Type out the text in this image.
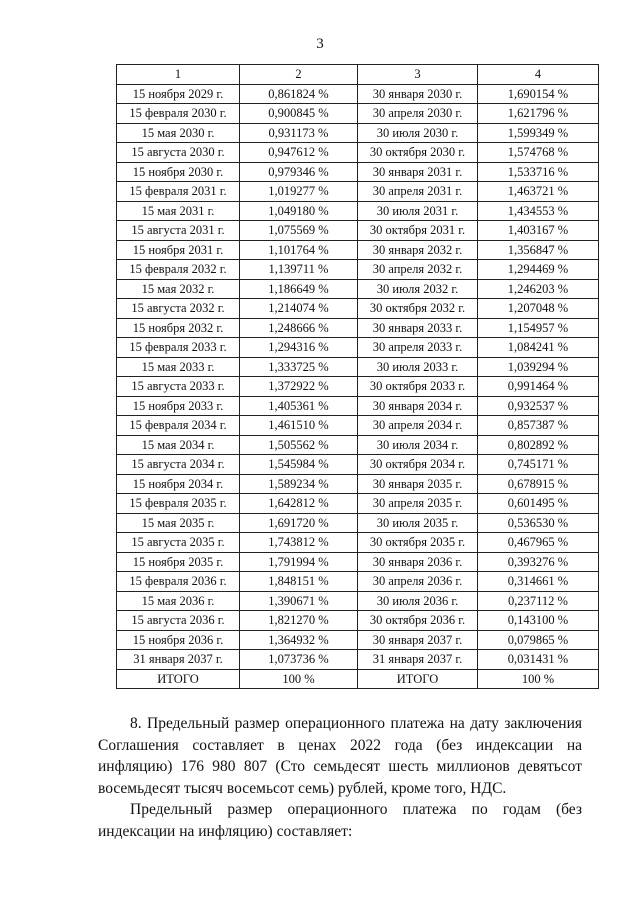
3
1	2	3	4
15 ноября 2029 г.	0,861824 %	30 января 2030 г.	1,690154 %
15 февраля 2030 г.	0,900845 %	30 апреля 2030 г.	1,621796 %
15 мая 2030 г.	0,931173 %	30 июля 2030 г.	1,599349 %
15 августа 2030 г.	0,947612 %	30 октября 2030 г.	1,574768 %
15 ноября 2030 г.	0,979346 %	30 января 2031 г.	1,533716 %
15 февраля 2031 г.	1,019277 %	30 апреля 2031 г.	1,463721 %
15 мая 2031 г.	1,049180 %	30 июля 2031 г.	1,434553 %
15 августа 2031 г.	1,075569 %	30 октября 2031 г.	1,403167 %
15 ноября 2031 г.	1,101764 %	30 января 2032 г.	1,356847 %
15 февраля 2032 г.	1,139711 %	30 апреля 2032 г.	1,294469 %
15 мая 2032 г.	1,186649 %	30 июля 2032 г.	1,246203 %
15 августа 2032 г.	1,214074 %	30 октября 2032 г.	1,207048 %
15 ноября 2032 г.	1,248666 %	30 января 2033 г.	1,154957 %
15 февраля 2033 г.	1,294316 %	30 апреля 2033 г.	1,084241 %
15 мая 2033 г.	1,333725 %	30 июля 2033 г.	1,039294 %
15 августа 2033 г.	1,372922 %	30 октября 2033 г.	0,991464 %
15 ноября 2033 г.	1,405361 %	30 января 2034 г.	0,932537 %
15 февраля 2034 г.	1,461510 %	30 апреля 2034 г.	0,857387 %
15 мая 2034 г.	1,505562 %	30 июля 2034 г.	0,802892 %
15 августа 2034 г.	1,545984 %	30 октября 2034 г.	0,745171 %
15 ноября 2034 г.	1,589234 %	30 января 2035 г.	0,678915 %
15 февраля 2035 г.	1,642812 %	30 апреля 2035 г.	0,601495 %
15 мая 2035 г.	1,691720 %	30 июля 2035 г.	0,536530 %
15 августа 2035 г.	1,743812 %	30 октября 2035 г.	0,467965 %
15 ноября 2035 г.	1,791994 %	30 января 2036 г.	0,393276 %
15 февраля 2036 г.	1,848151 %	30 апреля 2036 г.	0,314661 %
15 мая 2036 г.	1,390671 %	30 июля 2036 г.	0,237112 %
15 августа 2036 г.	1,821270 %	30 октября 2036 г.	0,143100 %
15 ноября 2036 г.	1,364932 %	30 января 2037 г.	0,079865 %
31 января 2037 г.	1,073736 %	31 января 2037 г.	0,031431 %
ИТОГО	100 %	ИТОГО	100 %
8. Предельный размер операционного платежа на дату заключения Соглашения составляет в ценах 2022 года (без индексации на инфляцию) 176 980 807 (Сто семьдесят шесть миллионов девятьсот восемьдесят тысяч восемьсот семь) рублей, кроме того, НДС.
Предельный размер операционного платежа по годам (без индексации на инфляцию) составляет:
